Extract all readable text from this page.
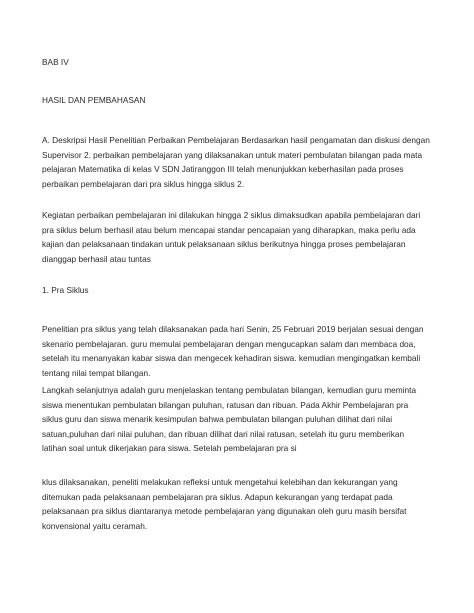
BAB IV

HASIL DAN PEMBAHASAN

A. Deskripsi Hasil Penelitian Perbaikan Pembelajaran Berdasarkan hasil pengamatan dan diskusi dengan
Supervisor 2. perbaikan pembelajaran yang dilaksanakan untuk materi pembulatan bilangan pada mata
pelajaran Matematika di kelas V SDN Jatiranggon III telah menunjukkan keberhasilan pada proses
perbaikan pembelajaran dari pra siklus hingga siklus 2.

Kegiatan perbaikan pembelajaran ini dilakukan hingga 2 siklus dimaksudkan apabila pembelajaran dari
pra siklus belum berhasil atau belum mencapai standar pencapaian yang diharapkan, maka perlu ada
kajian dan pelaksanaan tindakan untuk pelaksanaan siklus berikutnya hingga proses pembelajaran
dianggap berhasil atau tuntas

1. Pra Siklus

Penelitian pra siklus yang telah dilaksanakan pada hari Senin, 25 Februari 2019 berjalan sesuai dengan
skenario pembelajaran. guru memulai pembelajaran dengan mengucapkan salam dan membaca doa,
setelah itu menanyakan kabar siswa dan mengecek kehadiran siswa. kemudian mengingatkan kembali
tentang nilai tempat bilangan.

Langkah selanjutnya adalah guru menjelaskan tentang pembulatan bilangan, kemudian guru meminta
siswa menentukan pembulatan bilangan puluhan, ratusan dan ribuan. Pada Akhir Pembelajaran pra
siklus guru dan siswa menarik kesimpulan bahwa pembulatan bilangan puluhan dilihat dari nilai
satuan,puluhan dari nilai puluhan, dan ribuan dilihat dari nilai ratusan, setelah itu guru memberikan
latihan soal untuk dikerjakan para siswa. Setelah pembelajaran pra si

klus dilaksanakan, peneliti melakukan refleksi untuk mengetahui kelebihan dan kekurangan yang
ditemukan pada pelaksanaan pembelajaran pra siklus. Adapun kekurangan yang terdapat pada
pelaksanaan pra siklus diantaranya metode pembelajaran yang digunakan oleh guru masih bersifat
konvensional yaitu ceramah.
